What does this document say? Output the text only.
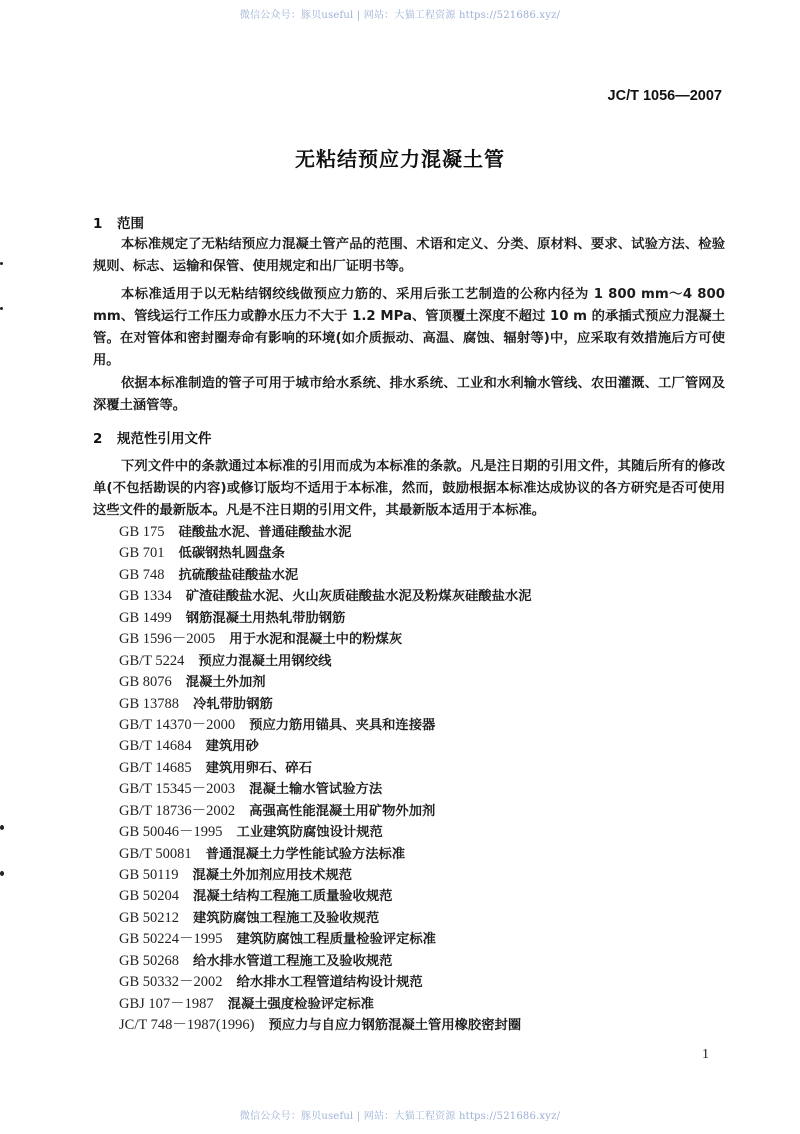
微信公众号：豚贝useful | 网站：大猫工程资源 https://521686.xyz/
JC/T 1056—2007
无粘结预应力混凝土管
1 范围

本标准规定了无粘结预应力混凝土管产品的范围、术语和定义、分类、原材料、要求、试验方法、检验规则、标志、运输和保管、使用规定和出厂证明书等。

本标准适用于以无粘结钢绞线做预应力筋的、采用后张工艺制造的公称内径为 1 800 mm～4 800 mm、管线运行工作压力或静水压力不大于 1.2 MPa、管顶覆土深度不超过 10 m 的承插式预应力混凝土管。在对管体和密封圈寿命有影响的环境(如介质振动、高温、腐蚀、辐射等)中，应采取有效措施后方可使用。

依据本标准制造的管子可用于城市给水系统、排水系统、工业和水利输水管线、农田灌溉、工厂管网及深覆土涵管等。

2 规范性引用文件

下列文件中的条款通过本标准的引用而成为本标准的条款。凡是注日期的引用文件，其随后所有的修改单(不包括勘误的内容)或修订版均不适用于本标准，然而，鼓励根据本标准达成协议的各方研究是否可使用这些文件的最新版本。凡是不注日期的引用文件，其最新版本适用于本标准。

GB 175 硅酸盐水泥、普通硅酸盐水泥
GB 701 低碳钢热轧圆盘条
GB 748 抗硫酸盐硅酸盐水泥
GB 1334 矿渣硅酸盐水泥、火山灰质硅酸盐水泥及粉煤灰硅酸盐水泥
GB 1499 钢筋混凝土用热轧带肋钢筋
GB 1596－2005 用于水泥和混凝土中的粉煤灰
GB/T 5224 预应力混凝土用钢绞线
GB 8076 混凝土外加剂
GB 13788 冷轧带肋钢筋
GB/T 14370－2000 预应力筋用锚具、夹具和连接器
GB/T 14684 建筑用砂
GB/T 14685 建筑用卵石、碎石
GB/T 15345－2003 混凝土输水管试验方法
GB/T 18736－2002 高强高性能混凝土用矿物外加剂
GB 50046－1995 工业建筑防腐蚀设计规范
GB/T 50081 普通混凝土力学性能试验方法标准
GB 50119 混凝土外加剂应用技术规范
GB 50204 混凝土结构工程施工质量验收规范
GB 50212 建筑防腐蚀工程施工及验收规范
GB 50224－1995 建筑防腐蚀工程质量检验评定标准
GB 50268 给水排水管道工程施工及验收规范
GB 50332－2002 给水排水工程管道结构设计规范
GBJ 107－1987 混凝土强度检验评定标准
JC/T 748－1987(1996) 预应力与自应力钢筋混凝土管用橡胶密封圈
1
微信公众号：豚贝useful | 网站：大猫工程资源 https://521686.xyz/
